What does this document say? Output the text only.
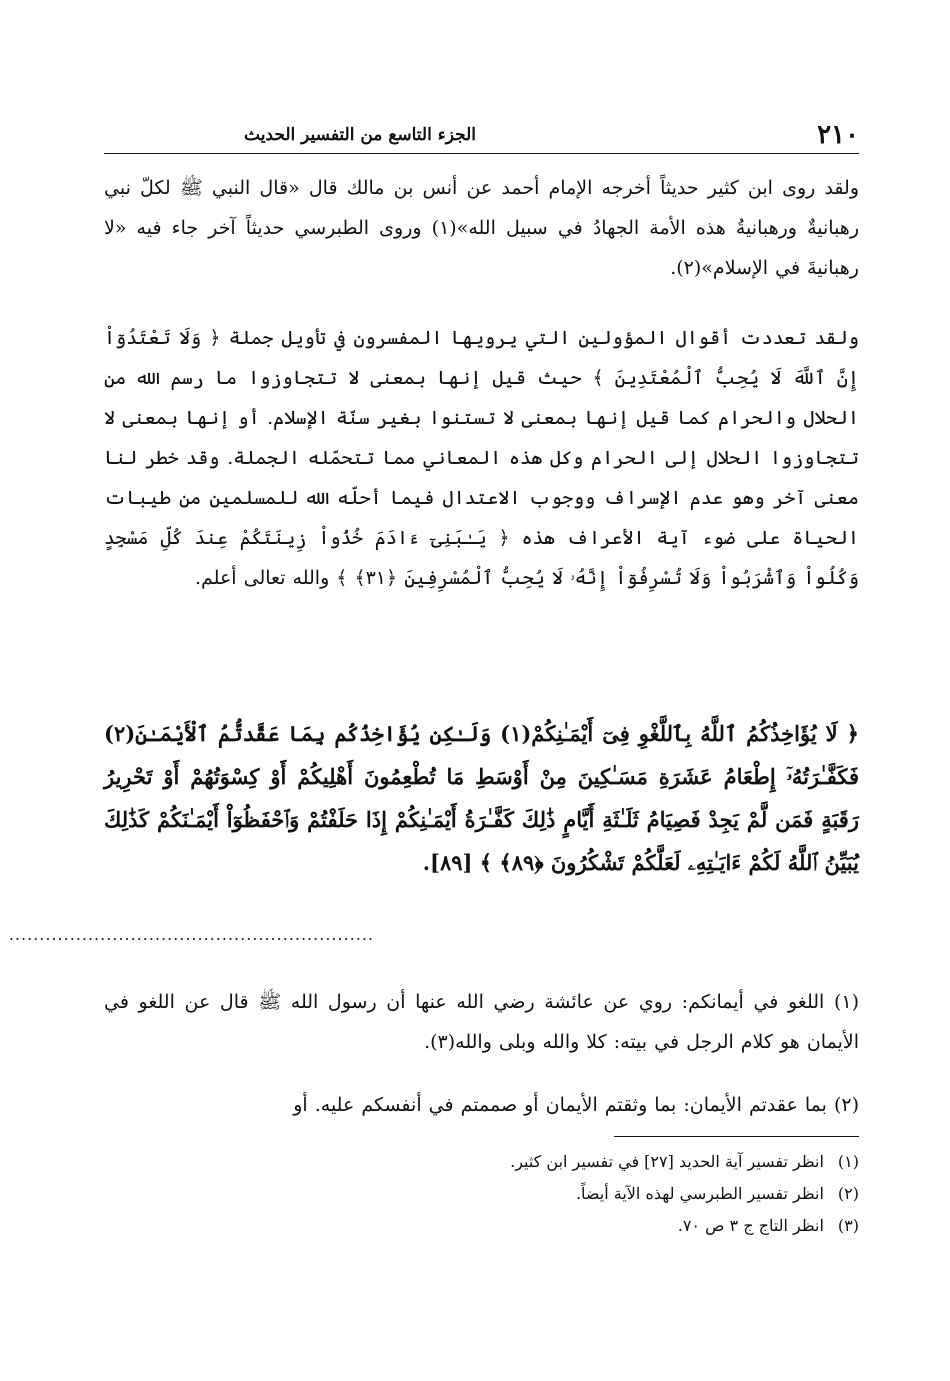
٢١٠
الجزء التاسع من التفسير الحديث

ولقد روى ابن كثير حديثاً أخرجه الإمام أحمد عن أنس بن مالك قال «قال النبي ﷺ لكلّ نبي رهبانيةٌ ورهبانيةُ هذه الأمة الجهادُ في سبيل الله»(١) وروى الطبرسي حديثاً آخر جاء فيه «لا رهبانيةَ في الإسلام»(٢).

ولقد تعددت أقوال المؤولين التي يرويها المفسرون في تأويل جملة ﴿ وَلَا تَعْتَدُوٓاْ إِنَّ ٱللَّهَ لَا يُحِبُّ ٱلْمُعْتَدِينَ ﴾ حيث قيل إنها بمعنى لا تتجاوزوا ما رسم الله من الحلال والحرام كما قيل إنها بمعنى لا تستنوا بغير سنّة الإسلام. أو إنها بمعنى لا تتجاوزوا الحلال إلى الحرام وكل هذه المعاني مما تتحمّله الجملة. وقد خطر لنا معنى آخر وهو عدم الإسراف ووجوب الاعتدال فيما أحلّه الله للمسلمين من طيبات الحياة على ضوء آية الأعراف هذه ﴿ يَـٰبَنِىٓ ءَادَمَ خُذُواْ زِينَتَكُمْ عِندَ كُلِّ مَسْجِدٍ وَكُلُواْ وَٱشْرَبُواْ وَلَا تُسْرِفُوٓاْ إِنَّهُۥ لَا يُحِبُّ ٱلْمُسْرِفِينَ ﴿٣١﴾ ﴾ والله تعالى أعلم.

﴿ لَا يُؤَاخِذُكُمُ ٱللَّهُ بِٱللَّغْوِ فِىٓ أَيْمَـٰنِكُمْ(١) وَلَـٰكِن يُؤَاخِذُكُم بِمَا عَقَّدتُّمُ ٱلْأَيْمَـٰنَ(٢) فَكَفَّـٰرَتُهُۥٓ إِطْعَامُ عَشَرَةِ مَسَـٰكِينَ مِنْ أَوْسَطِ مَا تُطْعِمُونَ أَهْلِيكُمْ أَوْ كِسْوَتُهُمْ أَوْ تَحْرِيرُ رَقَبَةٍ فَمَن لَّمْ يَجِدْ فَصِيَامُ ثَلَـٰثَةِ أَيَّامٍ ذَٰلِكَ كَفَّـٰرَةُ أَيْمَـٰنِكُمْ إِذَا حَلَفْتُمْ وَٱحْفَظُوٓاْ أَيْمَـٰنَكُمْ كَذَٰلِكَ يُبَيِّنُ ٱللَّهُ لَكُمْ ءَايَـٰتِهِۦ لَعَلَّكُمْ تَشْكُرُونَ ﴿٨٩﴾ ﴾ [٨٩].

............................................................

(١) اللغو في أيمانكم: روي عن عائشة رضي الله عنها أن رسول الله ﷺ قال عن اللغو في الأيمان هو كلام الرجل في بيته: كلا والله وبلى والله(٣).

(٢) بما عقدتم الأيمان: بما وثقتم الأيمان أو صممتم في أنفسكم عليه. أو

(١) انظر تفسير آية الحديد [٢٧] في تفسير ابن كثير.
(٢) انظر تفسير الطبرسي لهذه الآية أيضاً.
(٣) انظر التاج ج ٣ ص ٧٠.
